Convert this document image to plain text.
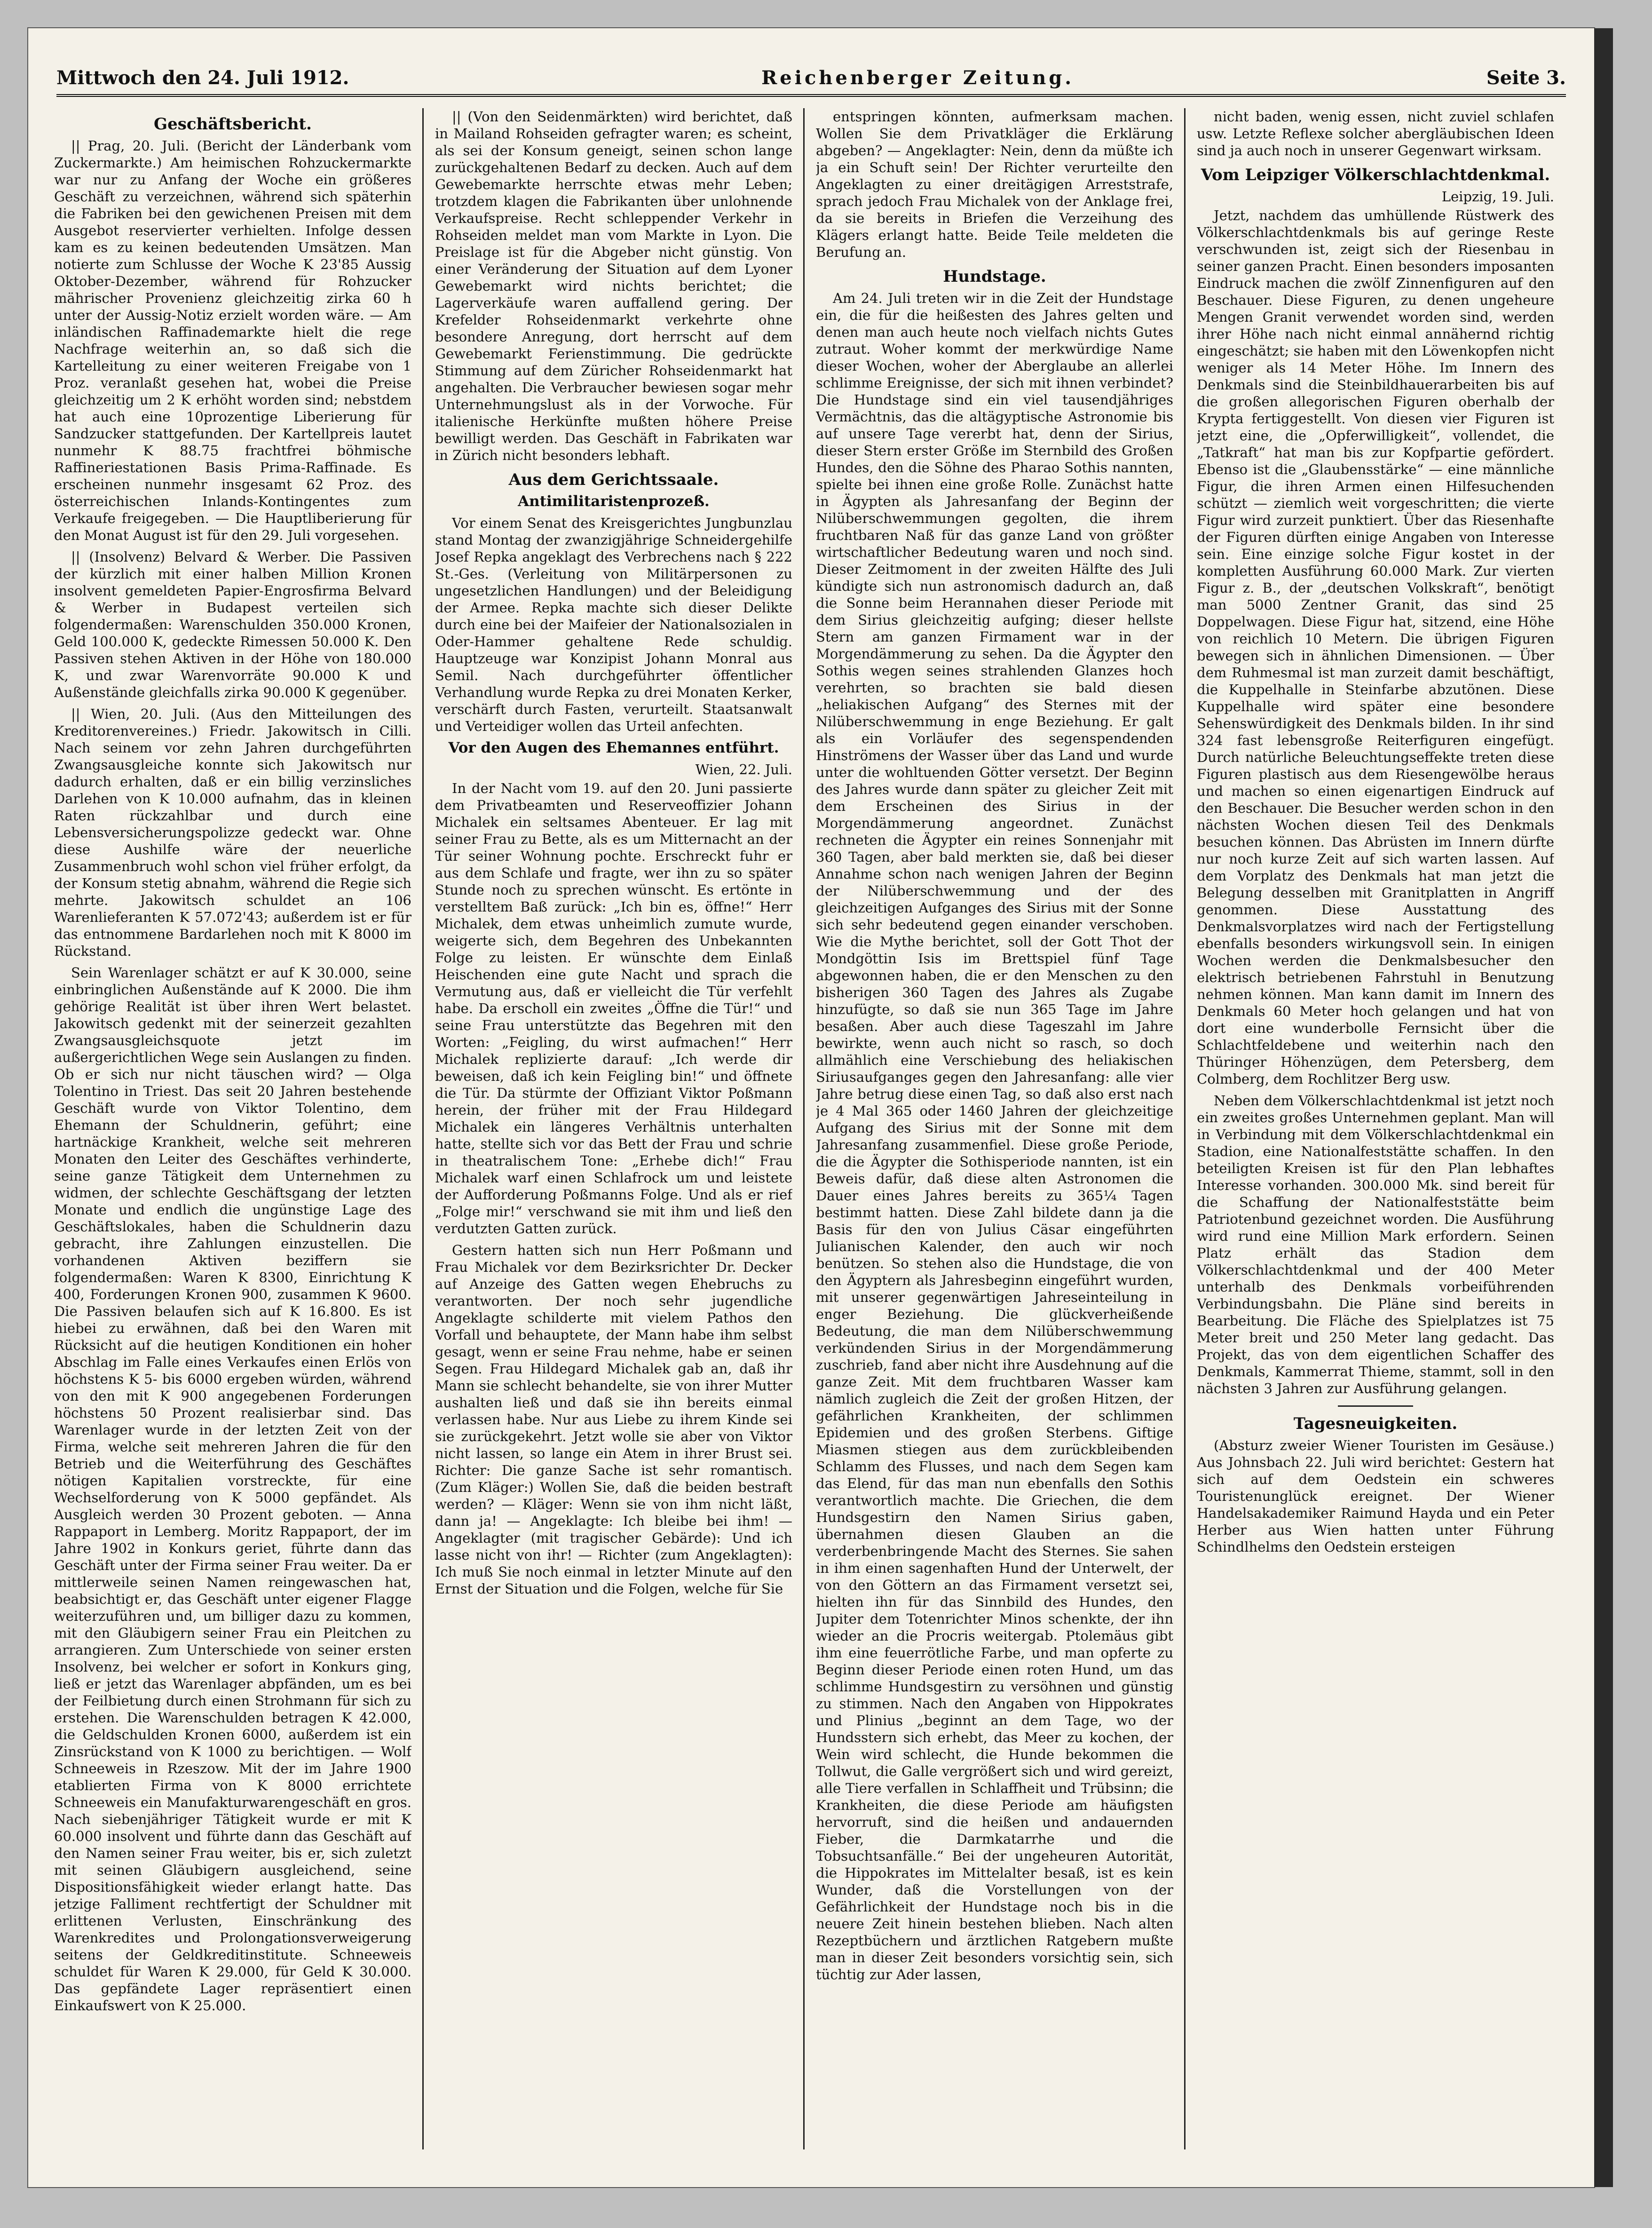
Mittwoch den 24. Juli 1912.	Reichenberger Zeitung.	Seite 3.
Geschäftsbericht.

|| Prag, 20. Juli. (Bericht der Länderbank vom Zuckermarkte.) Am heimischen Rohzuckermarkte war nur zu Anfang der Woche ein größeres Geschäft zu verzeichnen, während sich späterhin die Fabriken bei den gewichenen Preisen mit dem Ausgebot reservierter verhielten. Infolge dessen kam es zu keinen bedeutenden Umsätzen. Man notierte zum Schlusse der Woche K 23'85 Aussig Oktober-Dezember, während für Rohzucker mährischer Provenienz gleichzeitig zirka 60 h unter der Aussig-Notiz erzielt worden wäre. — Am inländischen Raffinademarkte hielt die rege Nachfrage weiterhin an, so daß sich die Kartelleitung zu einer weiteren Freigabe von 1 Proz. veranlaßt gesehen hat, wobei die Preise gleichzeitig um 2 K erhöht worden sind; nebstdem hat auch eine 10prozentige Liberierung für Sandzucker stattgefunden. Der Kartellpreis lautet nunmehr K 88.75 frachtfrei böhmische Raffineriestationen Basis Prima-Raffinade. Es erscheinen nunmehr insgesamt 62 Proz. des österreichischen Inlands-Kontingentes zum Verkaufe freigegeben. — Die Hauptliberierung für den Monat August ist für den 29. Juli vorgesehen.

|| (Insolvenz) Belvard & Werber. Die Passiven der kürzlich mit einer halben Million Kronen insolvent gemeldeten Papier-Engrosfirma Belvard & Werber in Budapest verteilen sich folgendermaßen: Warenschulden 350.000 Kronen, Geld 100.000 K, gedeckte Rimessen 50.000 K. Den Passiven stehen Aktiven in der Höhe von 180.000 K, und zwar Warenvorräte 90.000 K und Außenstände gleichfalls zirka 90.000 K gegenüber.

|| Wien, 20. Juli. (Aus den Mitteilungen des Kreditorenvereines.) Friedr. Jakowitsch in Cilli. Nach seinem vor zehn Jahren durchgeführten Zwangsausgleiche konnte sich Jakowitsch nur dadurch erhalten, daß er ein billig verzinsliches Darlehen von K 10.000 aufnahm, das in kleinen Raten rückzahlbar und durch eine Lebensversicherungspolizze gedeckt war. Ohne diese Aushilfe wäre der neuerliche Zusammenbruch wohl schon viel früher erfolgt, da der Konsum stetig abnahm, während die Regie sich mehrte. Jakowitsch schuldet an 106 Warenlieferanten K 57.072'43; außerdem ist er für das entnommene Bardarlehen noch mit K 8000 im Rückstand.

Sein Warenlager schätzt er auf K 30.000, seine einbringlichen Außenstände auf K 2000. Die ihm gehörige Realität ist über ihren Wert belastet. Jakowitsch gedenkt mit der seinerzeit gezahlten Zwangsausgleichsquote jetzt im außergerichtlichen Wege sein Auslangen zu finden. Ob er sich nur nicht täuschen wird? — Olga Tolentino in Triest. Das seit 20 Jahren bestehende Geschäft wurde von Viktor Tolentino, dem Ehemann der Schuldnerin, geführt; eine hartnäckige Krankheit, welche seit mehreren Monaten den Leiter des Geschäftes verhinderte, seine ganze Tätigkeit dem Unternehmen zu widmen, der schlechte Geschäftsgang der letzten Monate und endlich die ungünstige Lage des Geschäftslokales, haben die Schuldnerin dazu gebracht, ihre Zahlungen einzustellen. Die vorhandenen Aktiven beziffern sie folgendermaßen: Waren K 8300, Einrichtung K 400, Forderungen Kronen 900, zusammen K 9600. Die Passiven belaufen sich auf K 16.800. Es ist hiebei zu erwähnen, daß bei den Waren mit Rücksicht auf die heutigen Konditionen ein hoher Abschlag im Falle eines Verkaufes einen Erlös von höchstens K 5- bis 6000 ergeben würden, während von den mit K 900 angegebenen Forderungen höchstens 50 Prozent realisierbar sind. Das Warenlager wurde in der letzten Zeit von der Firma, welche seit mehreren Jahren die für den Betrieb und die Weiterführung des Geschäftes nötigen Kapitalien vorstreckte, für eine Wechselforderung von K 5000 gepfändet. Als Ausgleich werden 30 Prozent geboten. — Anna Rappaport in Lemberg. Moritz Rappaport, der im Jahre 1902 in Konkurs geriet, führte dann das Geschäft unter der Firma seiner Frau weiter. Da er mittlerweile seinen Namen reingewaschen hat, beabsichtigt er, das Geschäft unter eigener Flagge weiterzuführen und, um billiger dazu zu kommen, mit den Gläubigern seiner Frau ein Pleitchen zu arrangieren. Zum Unterschiede von seiner ersten Insolvenz, bei welcher er sofort in Konkurs ging, ließ er jetzt das Warenlager abpfänden, um es bei der Feilbietung durch einen Strohmann für sich zu erstehen. Die Warenschulden betragen K 42.000, die Geldschulden Kronen 6000, außerdem ist ein Zinsrückstand von K 1000 zu berichtigen. — Wolf Schneeweis in Rzeszow. Mit der im Jahre 1900 etablierten Firma von K 8000 errichtete Schneeweis ein Manufakturwarengeschäft en gros. Nach siebenjähriger Tätigkeit wurde er mit K 60.000 insolvent und führte dann das Geschäft auf den Namen seiner Frau weiter, bis er, sich zuletzt mit seinen Gläubigern ausgleichend, seine Dispositionsfähigkeit wieder erlangt hatte. Das jetzige Falliment rechtfertigt der Schuldner mit erlittenen Verlusten, Einschränkung des Warenkredites und Prolongationsverweigerung seitens der Geldkreditinstitute. Schneeweis schuldet für Waren K 29.000, für Geld K 30.000. Das gepfändete Lager repräsentiert einen Einkaufswert von K 25.000.

|| (Von den Seidenmärkten) wird berichtet, daß in Mailand Rohseiden gefragter waren; es scheint, als sei der Konsum geneigt, seinen schon lange zurückgehaltenen Bedarf zu decken. Auch auf dem Gewebemarkte herrschte etwas mehr Leben; trotzdem klagen die Fabrikanten über unlohnende Verkaufspreise. Recht schleppender Verkehr in Rohseiden meldet man vom Markte in Lyon. Die Preislage ist für die Abgeber nicht günstig. Von einer Veränderung der Situation auf dem Lyoner Gewebemarkt wird nichts berichtet; die Lagerverkäufe waren auffallend gering. Der Krefelder Rohseidenmarkt verkehrte ohne besondere Anregung, dort herrscht auf dem Gewebemarkt Ferienstimmung. Die gedrückte Stimmung auf dem Züricher Rohseidenmarkt hat angehalten. Die Verbraucher bewiesen sogar mehr Unternehmungslust als in der Vorwoche. Für italienische Herkünfte mußten höhere Preise bewilligt werden. Das Geschäft in Fabrikaten war in Zürich nicht besonders lebhaft.

Aus dem Gerichtssaale.
Antimilitaristenprozeß.

Vor einem Senat des Kreisgerichtes Jungbunzlau stand Montag der zwanzigjährige Schneidergehilfe Josef Repka angeklagt des Verbrechens nach § 222 St.-Ges. (Verleitung von Militärpersonen zu ungesetzlichen Handlungen) und der Beleidigung der Armee. Repka machte sich dieser Delikte durch eine bei der Maifeier der Nationalsozialen in Oder-Hammer gehaltene Rede schuldig. Hauptzeuge war Konzipist Johann Monral aus Semil. Nach durchgeführter öffentlicher Verhandlung wurde Repka zu drei Monaten Kerker, verschärft durch Fasten, verurteilt. Staatsanwalt und Verteidiger wollen das Urteil anfechten.

Vor den Augen des Ehemannes entführt.
Wien, 22. Juli.

In der Nacht vom 19. auf den 20. Juni passierte dem Privatbeamten und Reserveoffizier Johann Michalek ein seltsames Abenteuer. Er lag mit seiner Frau zu Bette, als es um Mitternacht an der Tür seiner Wohnung pochte. Erschreckt fuhr er aus dem Schlafe und fragte, wer ihn zu so später Stunde noch zu sprechen wünscht. Es ertönte in verstelltem Baß zurück: „Ich bin es, öffne!“ Herr Michalek, dem etwas unheimlich zumute wurde, weigerte sich, dem Begehren des Unbekannten Folge zu leisten. Er wünschte dem Einlaß Heischenden eine gute Nacht und sprach die Vermutung aus, daß er vielleicht die Tür verfehlt habe. Da erscholl ein zweites „Öffne die Tür!“ und seine Frau unterstützte das Begehren mit den Worten: „Feigling, du wirst aufmachen!“ Herr Michalek replizierte darauf: „Ich werde dir beweisen, daß ich kein Feigling bin!“ und öffnete die Tür. Da stürmte der Offiziant Viktor Poßmann herein, der früher mit der Frau Hildegard Michalek ein längeres Verhältnis unterhalten hatte, stellte sich vor das Bett der Frau und schrie in theatralischem Tone: „Erhebe dich!“ Frau Michalek warf einen Schlafrock um und leistete der Aufforderung Poßmanns Folge. Und als er rief „Folge mir!“ verschwand sie mit ihm und ließ den verdutzten Gatten zurück.

Gestern hatten sich nun Herr Poßmann und Frau Michalek vor dem Bezirksrichter Dr. Decker auf Anzeige des Gatten wegen Ehebruchs zu verantworten. Der noch sehr jugendliche Angeklagte schilderte mit vielem Pathos den Vorfall und behauptete, der Mann habe ihm selbst gesagt, wenn er seine Frau nehme, habe er seinen Segen. Frau Hildegard Michalek gab an, daß ihr Mann sie schlecht behandelte, sie von ihrer Mutter aushalten ließ und daß sie ihn bereits einmal verlassen habe. Nur aus Liebe zu ihrem Kinde sei sie zurückgekehrt. Jetzt wolle sie aber von Viktor nicht lassen, so lange ein Atem in ihrer Brust sei. Richter: Die ganze Sache ist sehr romantisch. (Zum Kläger:) Wollen Sie, daß die beiden bestraft werden? — Kläger: Wenn sie von ihm nicht läßt, dann ja! — Angeklagte: Ich bleibe bei ihm! — Angeklagter (mit tragischer Gebärde): Und ich lasse nicht von ihr! — Richter (zum Angeklagten): Ich muß Sie noch einmal in letzter Minute auf den Ernst der Situation und die Folgen, welche für Sie

entspringen könnten, aufmerksam machen. Wollen Sie dem Privatkläger die Erklärung abgeben? — Angeklagter: Nein, denn da müßte ich ja ein Schuft sein! Der Richter verurteilte den Angeklagten zu einer dreitägigen Arreststrafe, sprach jedoch Frau Michalek von der Anklage frei, da sie bereits in Briefen die Verzeihung des Klägers erlangt hatte. Beide Teile meldeten die Berufung an.

Hundstage.

Am 24. Juli treten wir in die Zeit der Hundstage ein, die für die heißesten des Jahres gelten und denen man auch heute noch vielfach nichts Gutes zutraut. Woher kommt der merkwürdige Name dieser Wochen, woher der Aberglaube an allerlei schlimme Ereignisse, der sich mit ihnen verbindet? Die Hundstage sind ein viel tausendjähriges Vermächtnis, das die altägyptische Astronomie bis auf unsere Tage vererbt hat, denn der Sirius, dieser Stern erster Größe im Sternbild des Großen Hundes, den die Söhne des Pharao Sothis nannten, spielte bei ihnen eine große Rolle. Zunächst hatte in Ägypten als Jahresanfang der Beginn der Nilüberschwemmungen gegolten, die ihrem fruchtbaren Naß für das ganze Land von größter wirtschaftlicher Bedeutung waren und noch sind. Dieser Zeitmoment in der zweiten Hälfte des Juli kündigte sich nun astronomisch dadurch an, daß die Sonne beim Herannahen dieser Periode mit dem Sirius gleichzeitig aufging; dieser hellste Stern am ganzen Firmament war in der Morgendämmerung zu sehen. Da die Ägypter den Sothis wegen seines strahlenden Glanzes hoch verehrten, so brachten sie bald diesen „heliakischen Aufgang“ des Sternes mit der Nilüberschwemmung in enge Beziehung. Er galt als ein Vorläufer des segenspendenden Hinströmens der Wasser über das Land und wurde unter die wohltuenden Götter versetzt. Der Beginn des Jahres wurde dann später zu gleicher Zeit mit dem Erscheinen des Sirius in der Morgendämmerung angeordnet. Zunächst rechneten die Ägypter ein reines Sonnenjahr mit 360 Tagen, aber bald merkten sie, daß bei dieser Annahme schon nach wenigen Jahren der Beginn der Nilüberschwemmung und der des gleichzeitigen Aufganges des Sirius mit der Sonne sich sehr bedeutend gegen einander verschoben. Wie die Mythe berichtet, soll der Gott Thot der Mondgöttin Isis im Brettspiel fünf Tage abgewonnen haben, die er den Menschen zu den bisherigen 360 Tagen des Jahres als Zugabe hinzufügte, so daß sie nun 365 Tage im Jahre besaßen. Aber auch diese Tageszahl im Jahre bewirkte, wenn auch nicht so rasch, so doch allmählich eine Verschiebung des heliakischen Siriusaufganges gegen den Jahresanfang: alle vier Jahre betrug diese einen Tag, so daß also erst nach je 4 Mal 365 oder 1460 Jahren der gleichzeitige Aufgang des Sirius mit der Sonne mit dem Jahresanfang zusammenfiel. Diese große Periode, die die Ägypter die Sothisperiode nannten, ist ein Beweis dafür, daß diese alten Astronomen die Dauer eines Jahres bereits zu 365¼ Tagen bestimmt hatten. Diese Zahl bildete dann ja die Basis für den von Julius Cäsar eingeführten Julianischen Kalender, den auch wir noch benützen. So stehen also die Hundstage, die von den Ägyptern als Jahresbeginn eingeführt wurden, mit unserer gegenwärtigen Jahreseinteilung in enger Beziehung. Die glückverheißende Bedeutung, die man dem Nilüberschwemmung verkündenden Sirius in der Morgendämmerung zuschrieb, fand aber nicht ihre Ausdehnung auf die ganze Zeit. Mit dem fruchtbaren Wasser kam nämlich zugleich die Zeit der großen Hitzen, der gefährlichen Krankheiten, der schlimmen Epidemien und des großen Sterbens. Giftige Miasmen stiegen aus dem zurückbleibenden Schlamm des Flusses, und nach dem Segen kam das Elend, für das man nun ebenfalls den Sothis verantwortlich machte. Die Griechen, die dem Hundsgestirn den Namen Sirius gaben, übernahmen diesen Glauben an die verderbenbringende Macht des Sternes. Sie sahen in ihm einen sagenhaften Hund der Unterwelt, der von den Göttern an das Firmament versetzt sei, hielten ihn für das Sinnbild des Hundes, den Jupiter dem Totenrichter Minos schenkte, der ihn wieder an die Procris weitergab. Ptolemäus gibt ihm eine feuerrötliche Farbe, und man opferte zu Beginn dieser Periode einen roten Hund, um das schlimme Hundsgestirn zu versöhnen und günstig zu stimmen. Nach den Angaben von Hippokrates und Plinius „beginnt an dem Tage, wo der Hundsstern sich erhebt, das Meer zu kochen, der Wein wird schlecht, die Hunde bekommen die Tollwut, die Galle vergrößert sich und wird gereizt, alle Tiere verfallen in Schlaffheit und Trübsinn; die Krankheiten, die diese Periode am häufigsten hervorruft, sind die heißen und andauernden Fieber, die Darmkatarrhe und die Tobsuchtsanfälle.“ Bei der ungeheuren Autorität, die Hippokrates im Mittelalter besaß, ist es kein Wunder, daß die Vorstellungen von der Gefährlichkeit der Hundstage noch bis in die neuere Zeit hinein bestehen blieben. Nach alten Rezeptbüchern und ärztlichen Ratgebern mußte man in dieser Zeit besonders vorsichtig sein, sich tüchtig zur Ader lassen,

nicht baden, wenig essen, nicht zuviel schlafen usw. Letzte Reflexe solcher abergläubischen Ideen sind ja auch noch in unserer Gegenwart wirksam.

Vom Leipziger Völkerschlachtdenkmal.
Leipzig, 19. Juli.

Jetzt, nachdem das umhüllende Rüstwerk des Völkerschlachtdenkmals bis auf geringe Reste verschwunden ist, zeigt sich der Riesenbau in seiner ganzen Pracht. Einen besonders imposanten Eindruck machen die zwölf Zinnenfiguren auf den Beschauer. Diese Figuren, zu denen ungeheure Mengen Granit verwendet worden sind, werden ihrer Höhe nach nicht einmal annähernd richtig eingeschätzt; sie haben mit den Löwenkopfen nicht weniger als 14 Meter Höhe. Im Innern des Denkmals sind die Steinbildhauerarbeiten bis auf die großen allegorischen Figuren oberhalb der Krypta fertiggestellt. Von diesen vier Figuren ist jetzt eine, die „Opferwilligkeit“, vollendet, die „Tatkraft“ hat man bis zur Kopfpartie gefördert. Ebenso ist die „Glaubensstärke“ — eine männliche Figur, die ihren Armen einen Hilfesuchenden schützt — ziemlich weit vorgeschritten; die vierte Figur wird zurzeit punktiert. Über das Riesenhafte der Figuren dürften einige Angaben von Interesse sein. Eine einzige solche Figur kostet in der kompletten Ausführung 60.000 Mark. Zur vierten Figur z. B., der „deutschen Volkskraft“, benötigt man 5000 Zentner Granit, das sind 25 Doppelwagen. Diese Figur hat, sitzend, eine Höhe von reichlich 10 Metern. Die übrigen Figuren bewegen sich in ähnlichen Dimensionen. — Über dem Ruhmesmal ist man zurzeit damit beschäftigt, die Kuppelhalle in Steinfarbe abzutönen. Diese Kuppelhalle wird später eine besondere Sehenswürdigkeit des Denkmals bilden. In ihr sind 324 fast lebensgroße Reiterfiguren eingefügt. Durch natürliche Beleuchtungseffekte treten diese Figuren plastisch aus dem Riesengewölbe heraus und machen so einen eigenartigen Eindruck auf den Beschauer. Die Besucher werden schon in den nächsten Wochen diesen Teil des Denkmals besuchen können. Das Abrüsten im Innern dürfte nur noch kurze Zeit auf sich warten lassen. Auf dem Vorplatz des Denkmals hat man jetzt die Belegung desselben mit Granitplatten in Angriff genommen. Diese Ausstattung des Denkmalsvorplatzes wird nach der Fertigstellung ebenfalls besonders wirkungsvoll sein. In einigen Wochen werden die Denkmalsbesucher den elektrisch betriebenen Fahrstuhl in Benutzung nehmen können. Man kann damit im Innern des Denkmals 60 Meter hoch gelangen und hat von dort eine wunderbolle Fernsicht über die Schlachtfeldebene und weiterhin nach den Thüringer Höhenzügen, dem Petersberg, dem Colmberg, dem Rochlitzer Berg usw.

Neben dem Völkerschlachtdenkmal ist jetzt noch ein zweites großes Unternehmen geplant. Man will in Verbindung mit dem Völkerschlachtdenkmal ein Stadion, eine Nationalfeststätte schaffen. In den beteiligten Kreisen ist für den Plan lebhaftes Interesse vorhanden. 300.000 Mk. sind bereit für die Schaffung der Nationalfeststätte beim Patriotenbund gezeichnet worden. Die Ausführung wird rund eine Million Mark erfordern. Seinen Platz erhält das Stadion dem Völkerschlachtdenkmal und der 400 Meter unterhalb des Denkmals vorbeiführenden Verbindungsbahn. Die Pläne sind bereits in Bearbeitung. Die Fläche des Spielplatzes ist 75 Meter breit und 250 Meter lang gedacht. Das Projekt, das von dem eigentlichen Schaffer des Denkmals, Kammerrat Thieme, stammt, soll in den nächsten 3 Jahren zur Ausführung gelangen.

Tagesneuigkeiten.

(Absturz zweier Wiener Touristen im Gesäuse.) Aus Johnsbach 22. Juli wird berichtet: Gestern hat sich auf dem Oedstein ein schweres Touristenunglück ereignet. Der Wiener Handelsakademiker Raimund Hayda und ein Peter Herber aus Wien hatten unter Führung Schindlhelms den Oedstein ersteigen
